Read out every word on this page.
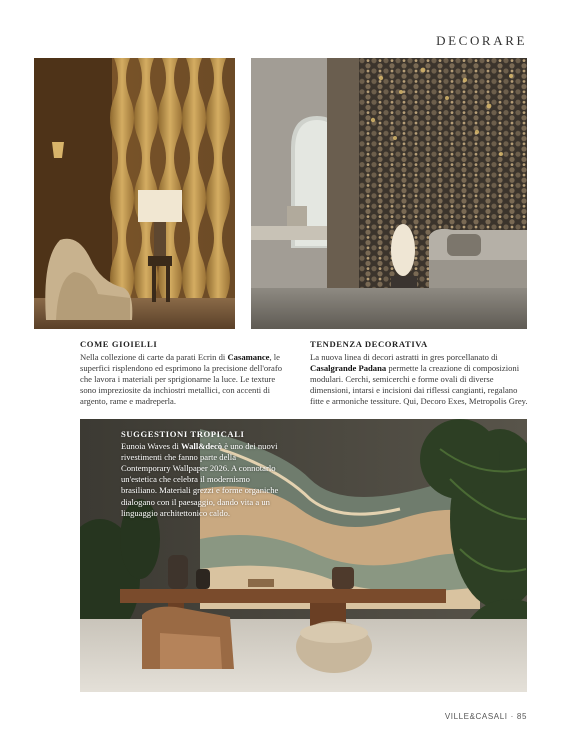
DECORARE
COME GIOIELLI
Nella collezione di carte da parati Ecrin di Casamance, le superfici risplendono ed esprimono la precisione dell'orafo che lavora i materiali per sprigionarne la luce. Le texture sono impreziosite da inchiostri metallici, con accenti di argento, rame e madreperla.
TENDENZA DECORATIVA
La nuova linea di decori astratti in gres porcellanato di Casalgrande Padana permette la creazione di composizioni modulari. Cerchi, semicerchi e forme ovali di diverse dimensioni, intarsi e incisioni dai riflessi cangianti, regalano fitte e armoniche tessiture. Qui, Decoro Exes, Metropolis Grey.
SUGGESTIONI TROPICALI
Eunoia Waves di Wall&decò è uno dei nuovi rivestimenti che fanno parte della Contemporary Wallpaper 2026. A connotarlo un'estetica che celebra il modernismo brasiliano. Materiali grezzi e forme organiche dialogano con il paesaggio, dando vita a un linguaggio architettonico caldo.
VILLE&CASALI · 85
